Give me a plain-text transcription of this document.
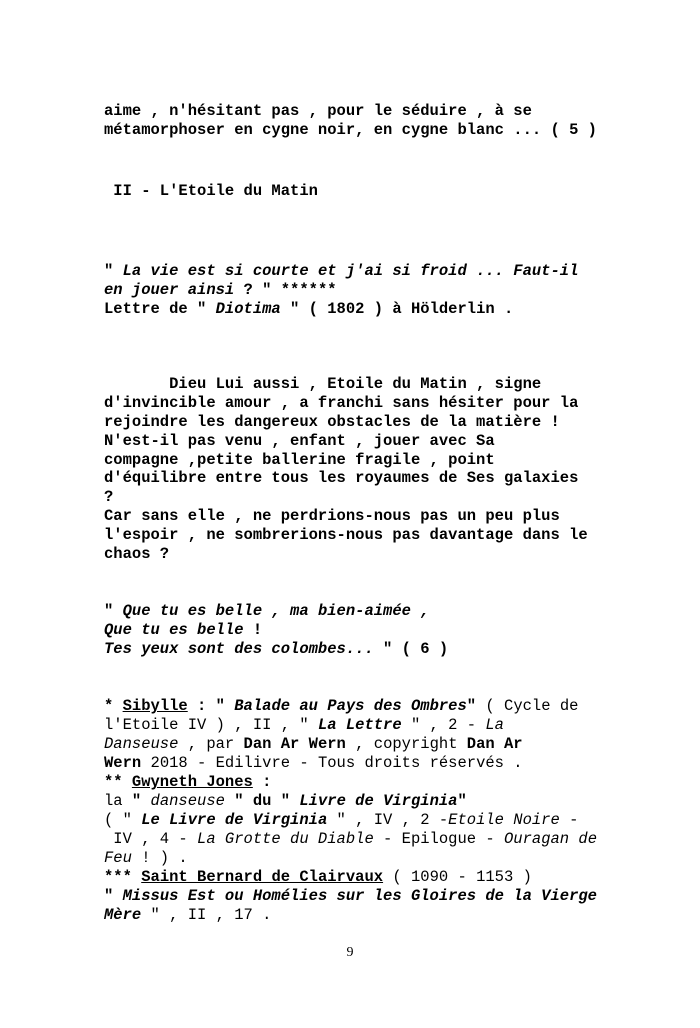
aime , n'hésitant pas , pour le séduire , à se
métamorphoser en cygne noir, en cygne blanc ... ( 5 )
II - L'Etoile du Matin
" La vie est si courte et j'ai si froid ... Faut-il
en jouer ainsi ? " ******
Lettre de " Diotima " ( 1802 ) à Hölderlin .
Dieu Lui aussi , Etoile du Matin , signe
d'invincible amour , a franchi sans hésiter pour la
rejoindre les dangereux obstacles de la matière !
N'est-il pas venu , enfant , jouer avec Sa
compagne ,petite ballerine fragile , point
d'équilibre entre tous les royaumes de Ses galaxies
?
Car sans elle , ne perdrions-nous pas un peu plus
l'espoir , ne sombrerions-nous pas davantage dans le
chaos ?
" Que tu es belle , ma bien-aimée ,
Que tu es belle !
Tes yeux sont des colombes... " ( 6 )
* Sibylle : " Balade au Pays des Ombres" ( Cycle de
l'Etoile IV ) , II , " La Lettre " , 2 - La
Danseuse , par Dan Ar Wern , copyright Dan Ar
Wern 2018 - Edilivre - Tous droits réservés .
** Gwyneth Jones :
la " danseuse " du " Livre de Virginia"
( " Le Livre de Virginia " , IV , 2 -Etoile Noire -
IV , 4 - La Grotte du Diable - Epilogue - Ouragan de
Feu ! ) .
*** Saint Bernard de Clairvaux ( 1090 - 1153 )
" Missus Est ou Homélies sur les Gloires de la Vierge
Mère " , II , 17 .
9
